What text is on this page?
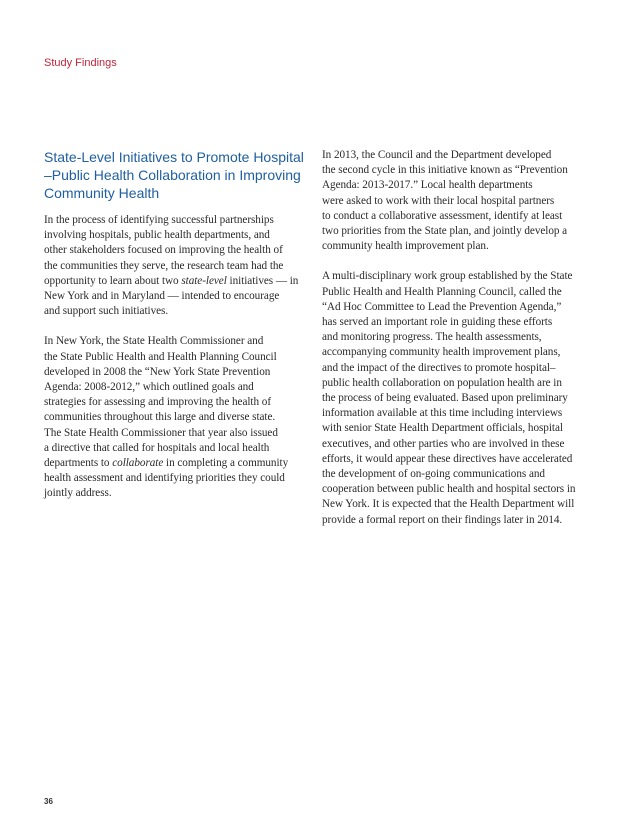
Study Findings
State-Level Initiatives to Promote Hospital –Public Health Collaboration in Improving Community Health

In the process of identifying successful partnerships
involving hospitals, public health departments, and
other stakeholders focused on improving the health of
the communities they serve, the research team had the
opportunity to learn about two state-level initiatives — in
New York and in Maryland — intended to encourage
and support such initiatives.

In New York, the State Health Commissioner and
the State Public Health and Health Planning Council
developed in 2008 the “New York State Prevention
Agenda: 2008-2012,” which outlined goals and
strategies for assessing and improving the health of
communities throughout this large and diverse state.
The State Health Commissioner that year also issued
a directive that called for hospitals and local health
departments to collaborate in completing a community
health assessment and identifying priorities they could
jointly address.

In 2013, the Council and the Department developed
the second cycle in this initiative known as “Prevention
Agenda: 2013-2017.” Local health departments
were asked to work with their local hospital partners
to conduct a collaborative assessment, identify at least
two priorities from the State plan, and jointly develop a
community health improvement plan.

A multi-disciplinary work group established by the State
Public Health and Health Planning Council, called the
“Ad Hoc Committee to Lead the Prevention Agenda,”
has served an important role in guiding these efforts
and monitoring progress. The health assessments,
accompanying community health improvement plans,
and the impact of the directives to promote hospital–
public health collaboration on population health are in
the process of being evaluated. Based upon preliminary
information available at this time including interviews
with senior State Health Department officials, hospital
executives, and other parties who are involved in these
efforts, it would appear these directives have accelerated
the development of on-going communications and
cooperation between public health and hospital sectors in
New York. It is expected that the Health Department will
provide a formal report on their findings later in 2014.

36
